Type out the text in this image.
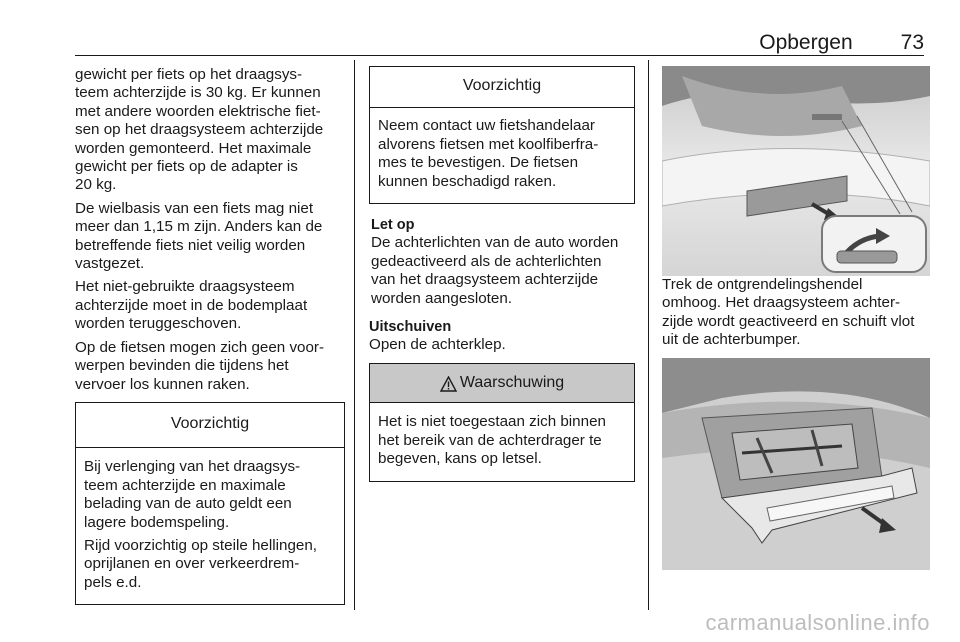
Opbergen 73

gewicht per fiets op het draagsys-
teem achterzijde is 30 kg. Er kunnen
met andere woorden elektrische fiet-
sen op het draagsysteem achterzijde
worden gemonteerd. Het maximale
gewicht per fiets op de adapter is
20 kg.

De wielbasis van een fiets mag niet
meer dan 1,15 m zijn. Anders kan de
betreffende fiets niet veilig worden
vastgezet.

Het niet-gebruikte draagsysteem
achterzijde moet in de bodemplaat
worden teruggeschoven.

Op de fietsen mogen zich geen voor-
werpen bevinden die tijdens het
vervoer los kunnen raken.

Voorzichtig

Bij verlenging van het draagsys-
teem achterzijde en maximale
belading van de auto geldt een
lagere bodemspeling.

Rijd voorzichtig op steile hellingen,
oprijlanen en over verkeerdrem-
pels e.d.

Voorzichtig

Neem contact uw fietshandelaar
alvorens fietsen met koolfiberfra-
mes te bevestigen. De fietsen
kunnen beschadigd raken.

Let op

De achterlichten van de auto worden
gedeactiveerd als de achterlichten
van het draagsysteem achterzijde
worden aangesloten.

Uitschuiven

Open de achterklep.

Waarschuwing

Het is niet toegestaan zich binnen
het bereik van de achterdrager te
begeven, kans op letsel.

Trek de ontgrendelingshendel
omhoog. Het draagsysteem achter-
zijde wordt geactiveerd en schuift vlot
uit de achterbumper.

carmanualsonline.info
